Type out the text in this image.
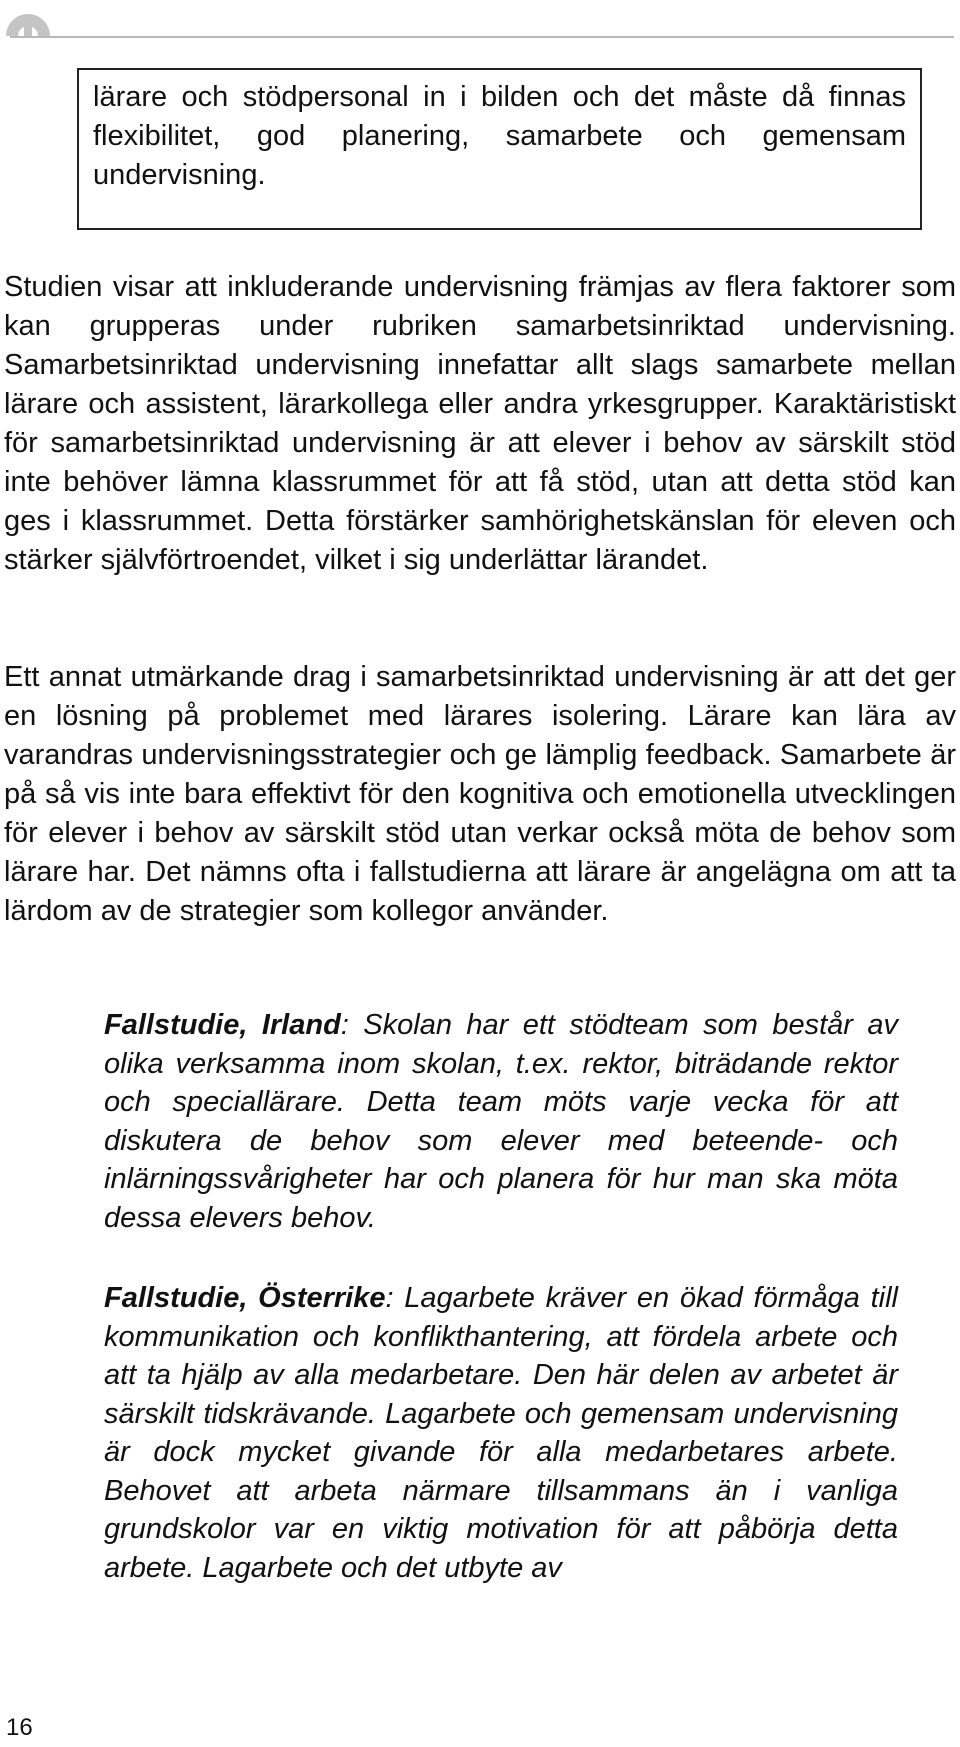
lärare och stödpersonal in i bilden och det måste då finnas flexibilitet, god planering, samarbete och gemensam undervisning.

Studien visar att inkluderande undervisning främjas av flera faktorer som kan grupperas under rubriken samarbetsinriktad undervisning. Samarbetsinriktad undervisning innefattar allt slags samarbete mellan lärare och assistent, lärarkollega eller andra yrkesgrupper. Karaktäristiskt för samarbetsinriktad undervisning är att elever i behov av särskilt stöd inte behöver lämna klassrummet för att få stöd, utan att detta stöd kan ges i klassrummet. Detta förstärker samhörighetskänslan för eleven och stärker självförtroendet, vilket i sig underlättar lärandet.

Ett annat utmärkande drag i samarbetsinriktad undervisning är att det ger en lösning på problemet med lärares isolering. Lärare kan lära av varandras undervisningsstrategier och ge lämplig feedback. Samarbete är på så vis inte bara effektivt för den kognitiva och emotionella utvecklingen för elever i behov av särskilt stöd utan verkar också möta de behov som lärare har. Det nämns ofta i fallstudierna att lärare är angelägna om att ta lärdom av de strategier som kollegor använder.

Fallstudie, Irland: Skolan har ett stödteam som består av olika verksamma inom skolan, t.ex. rektor, biträdande rektor och speciallärare. Detta team möts varje vecka för att diskutera de behov som elever med beteende- och inlärningssvårigheter har och planera för hur man ska möta dessa elevers behov.

Fallstudie, Österrike: Lagarbete kräver en ökad förmåga till kommunikation och konflikthantering, att fördela arbete och att ta hjälp av alla medarbetare. Den här delen av arbetet är särskilt tidskrävande. Lagarbete och gemensam undervisning är dock mycket givande för alla medarbetares arbete. Behovet att arbeta närmare tillsammans än i vanliga grundskolor var en viktig motivation för att påbörja detta arbete. Lagarbete och det utbyte av

16
